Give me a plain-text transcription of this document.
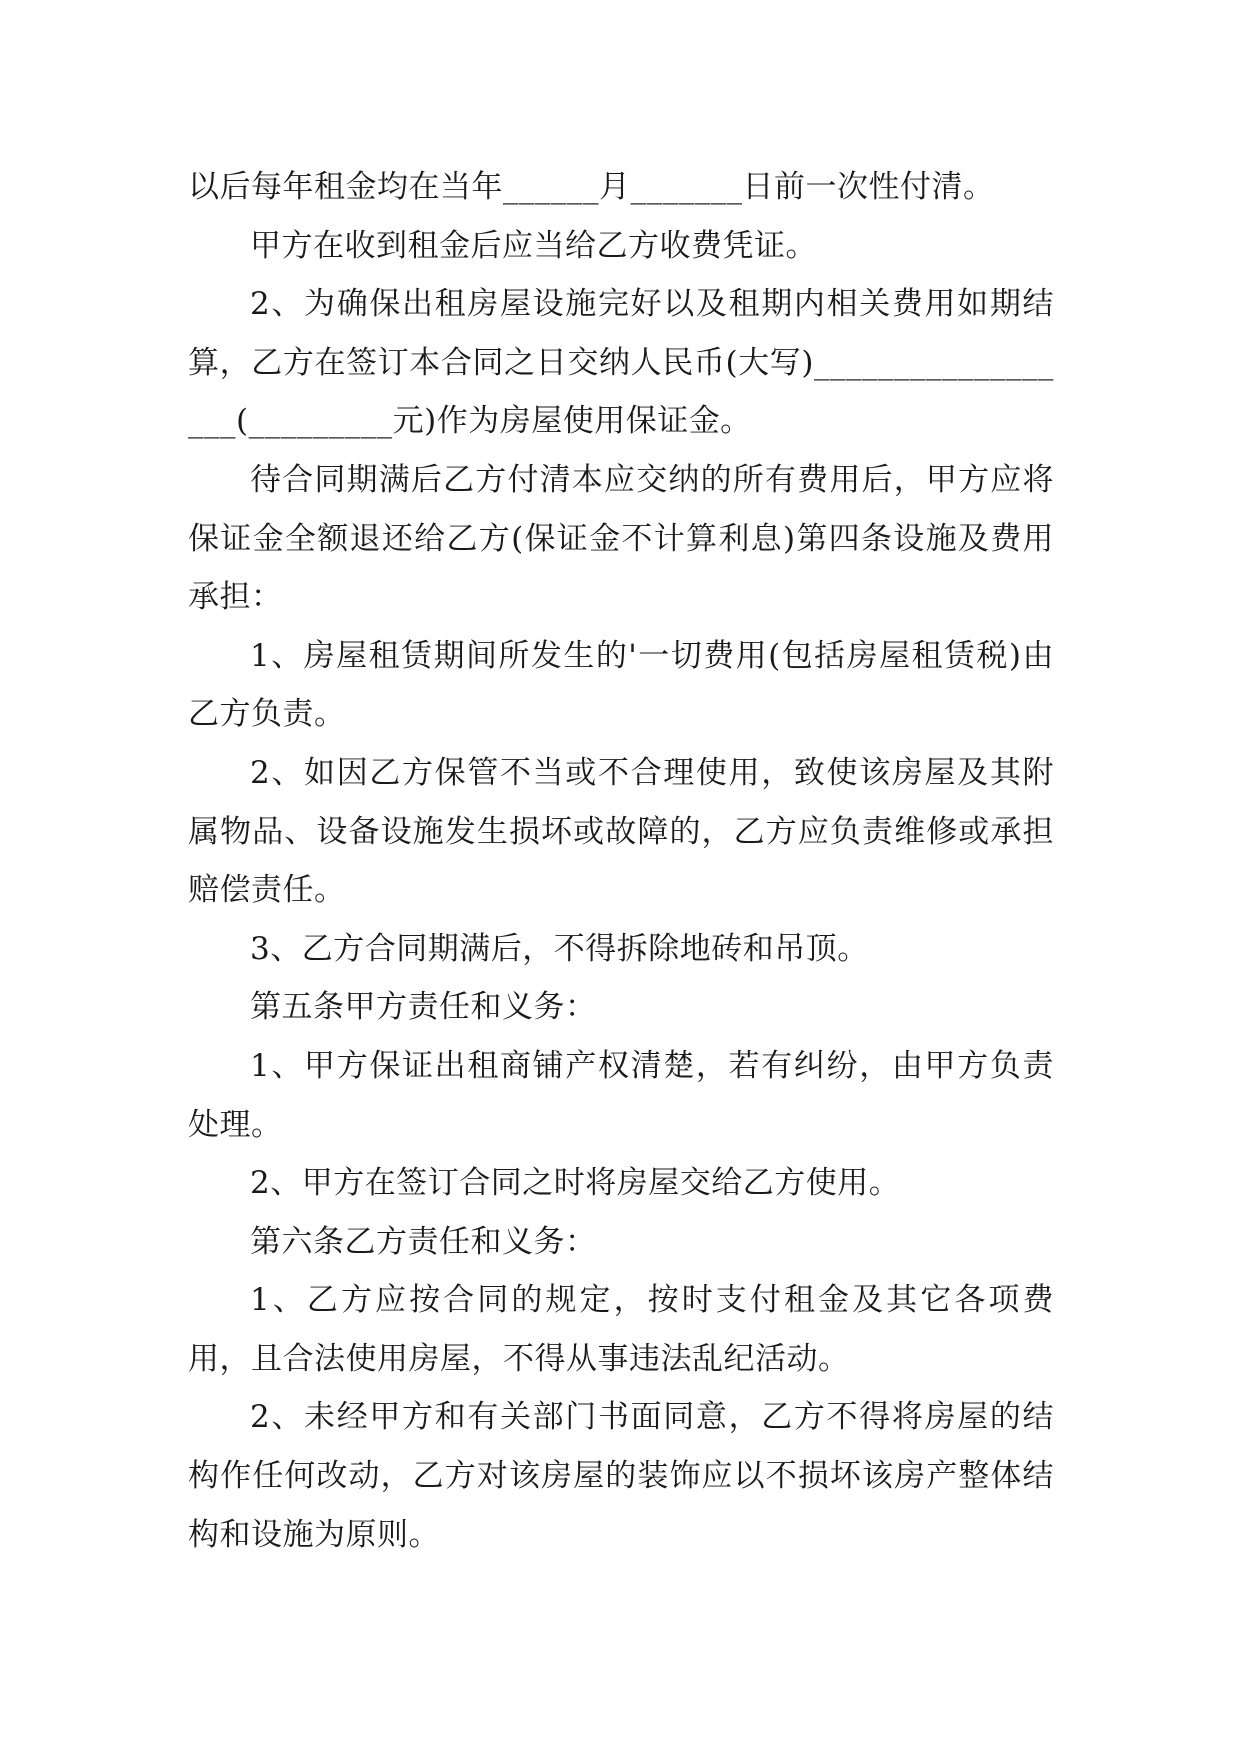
以后每年租金均在当年______月_______日前一次性付清。

甲方在收到租金后应当给乙方收费凭证。

2、为确保出租房屋设施完好以及租期内相关费用如期结算，乙方在签订本合同之日交纳人民币(大写)__________________(_________元)作为房屋使用保证金。

待合同期满后乙方付清本应交纳的所有费用后，甲方应将保证金全额退还给乙方(保证金不计算利息)第四条设施及费用承担：

1、房屋租赁期间所发生的'一切费用(包括房屋租赁税)由乙方负责。

2、如因乙方保管不当或不合理使用，致使该房屋及其附属物品、设备设施发生损坏或故障的，乙方应负责维修或承担赔偿责任。

3、乙方合同期满后，不得拆除地砖和吊顶。

第五条甲方责任和义务：

1、甲方保证出租商铺产权清楚，若有纠纷，由甲方负责处理。

2、甲方在签订合同之时将房屋交给乙方使用。

第六条乙方责任和义务：

1、乙方应按合同的规定，按时支付租金及其它各项费用，且合法使用房屋，不得从事违法乱纪活动。

2、未经甲方和有关部门书面同意，乙方不得将房屋的结构作任何改动，乙方对该房屋的装饰应以不损坏该房产整体结构和设施为原则。
